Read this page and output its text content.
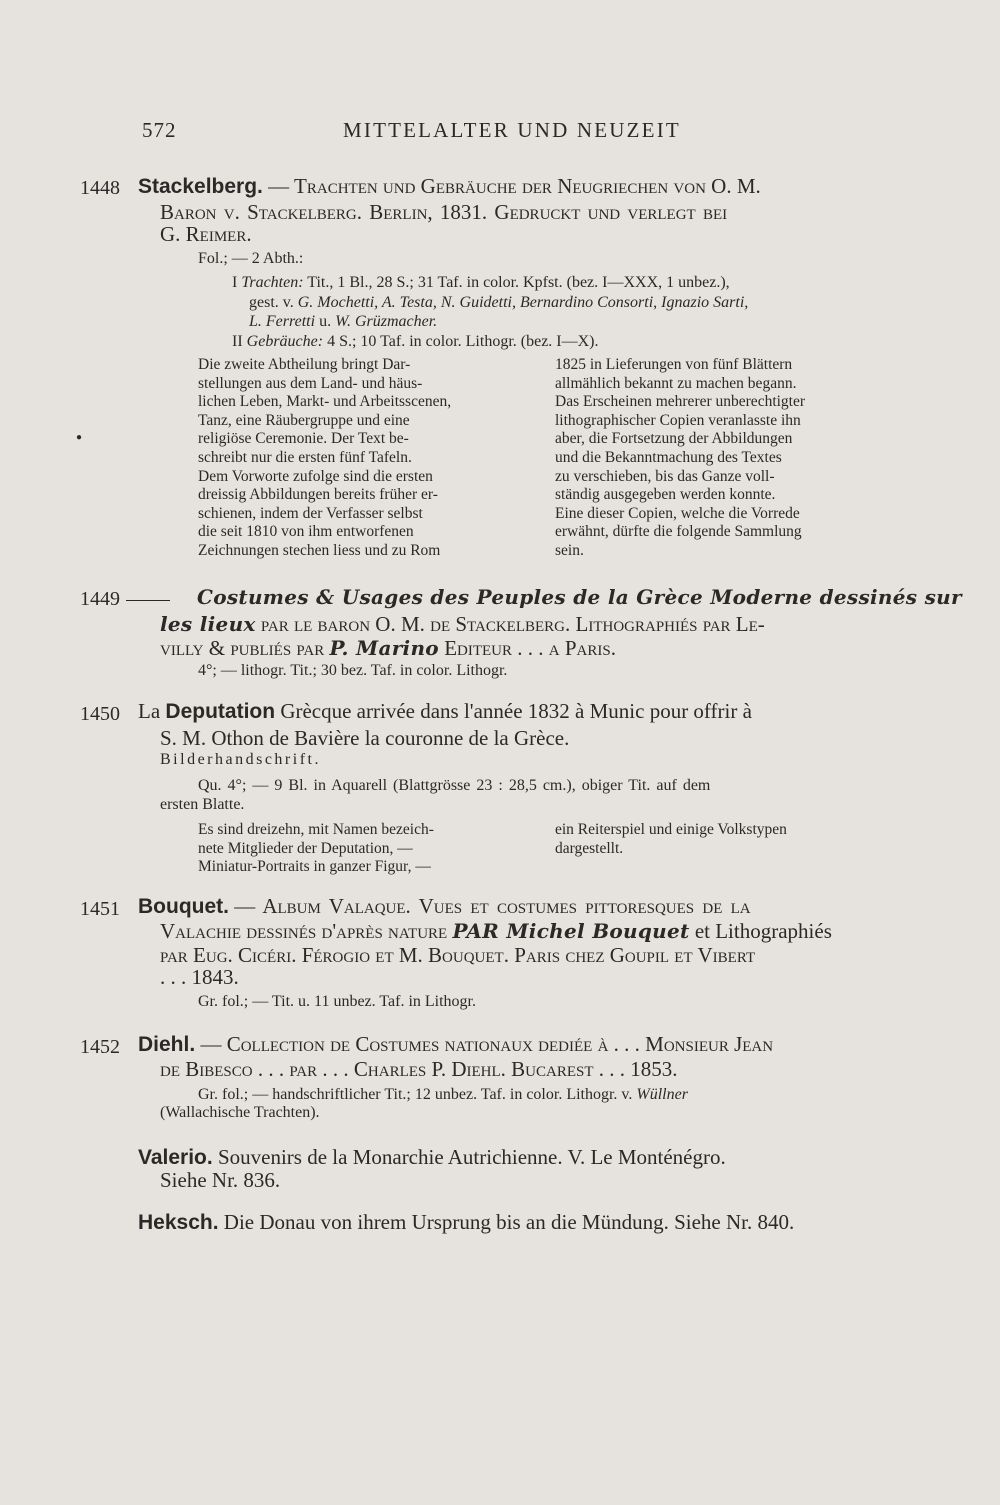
572	MITTELALTER UND NEUZEIT
1448 Stackelberg. — Trachten und Gebräuche der Neugriechen von O. M.
Baron v. Stackelberg. Berlin, 1831. Gedruckt und verlegt bei
G. Reimer.
Fol.; — 2 Abth.:
I Trachten: Tit., 1 Bl., 28 S.; 31 Taf. in color. Kpfst. (bez. I—XXX, 1 unbez.),
gest. v. G. Mochetti, A. Testa, N. Guidetti, Bernardino Consorti, Ignazio Sarti,
L. Ferretti u. W. Grüzmacher.
II Gebräuche: 4 S.; 10 Taf. in color. Lithogr. (bez. I—X).
●
Die zweite Abtheilung bringt Dar-
stellungen aus dem Land- und häus-
lichen Leben, Markt- und Arbeitsscenen,
Tanz, eine Räubergruppe und eine
religiöse Ceremonie. Der Text be-
schreibt nur die ersten fünf Tafeln.
Dem Vorworte zufolge sind die ersten
dreissig Abbildungen bereits früher er-
schienen, indem der Verfasser selbst
die seit 1810 von ihm entworfenen
Zeichnungen stechen liess und zu Rom
1825 in Lieferungen von fünf Blättern
allmählich bekannt zu machen begann.
Das Erscheinen mehrerer unberechtigter
lithographischer Copien veranlasste ihn
aber, die Fortsetzung der Abbildungen
und die Bekanntmachung des Textes
zu verschieben, bis das Ganze voll-
ständig ausgegeben werden konnte.
Eine dieser Copien, welche die Vorrede
erwähnt, dürfte die folgende Sammlung
sein.
1449	Costumes & Usages des Peuples de la Grèce Moderne dessinés sur
les lieux par le baron O. M. de Stackelberg. Lithographiés par Le-
villy & publiés par P. Marino Editeur . . . a Paris.
4°; — lithogr. Tit.; 30 bez. Taf. in color. Lithogr.
1450 La Deputation Grècque arrivée dans l'année 1832 à Munic pour offrir à
S. M. Othon de Bavière la couronne de la Grèce.
Bilderhandschrift.
Qu. 4°; — 9 Bl. in Aquarell (Blattgrösse 23 : 28,5 cm.), obiger Tit. auf dem
ersten Blatte.
Es sind dreizehn, mit Namen bezeich-
nete Mitglieder der Deputation, —
Miniatur-Portraits in ganzer Figur, —
ein Reiterspiel und einige Volkstypen
dargestellt.
1451 Bouquet. — Album Valaque. Vues et costumes pittoresques de la
Valachie dessinés d'après nature PAR Michel Bouquet et Lithographiés
par Eug. Cicéri. Férogio et M. Bouquet. Paris chez Goupil et Vibert
. . . 1843.
Gr. fol.; — Tit. u. 11 unbez. Taf. in Lithogr.
1452 Diehl. — Collection de Costumes nationaux dediée à . . . Monsieur Jean
de Bibesco . . . par . . . Charles P. Diehl. Bucarest . . . 1853.
Gr. fol.; — handschriftlicher Tit.; 12 unbez. Taf. in color. Lithogr. v. Wüllner
(Wallachische Trachten).
Valerio. Souvenirs de la Monarchie Autrichienne. V. Le Monténégro.
Siehe Nr. 836.
Heksch. Die Donau von ihrem Ursprung bis an die Mündung. Siehe Nr. 840.
